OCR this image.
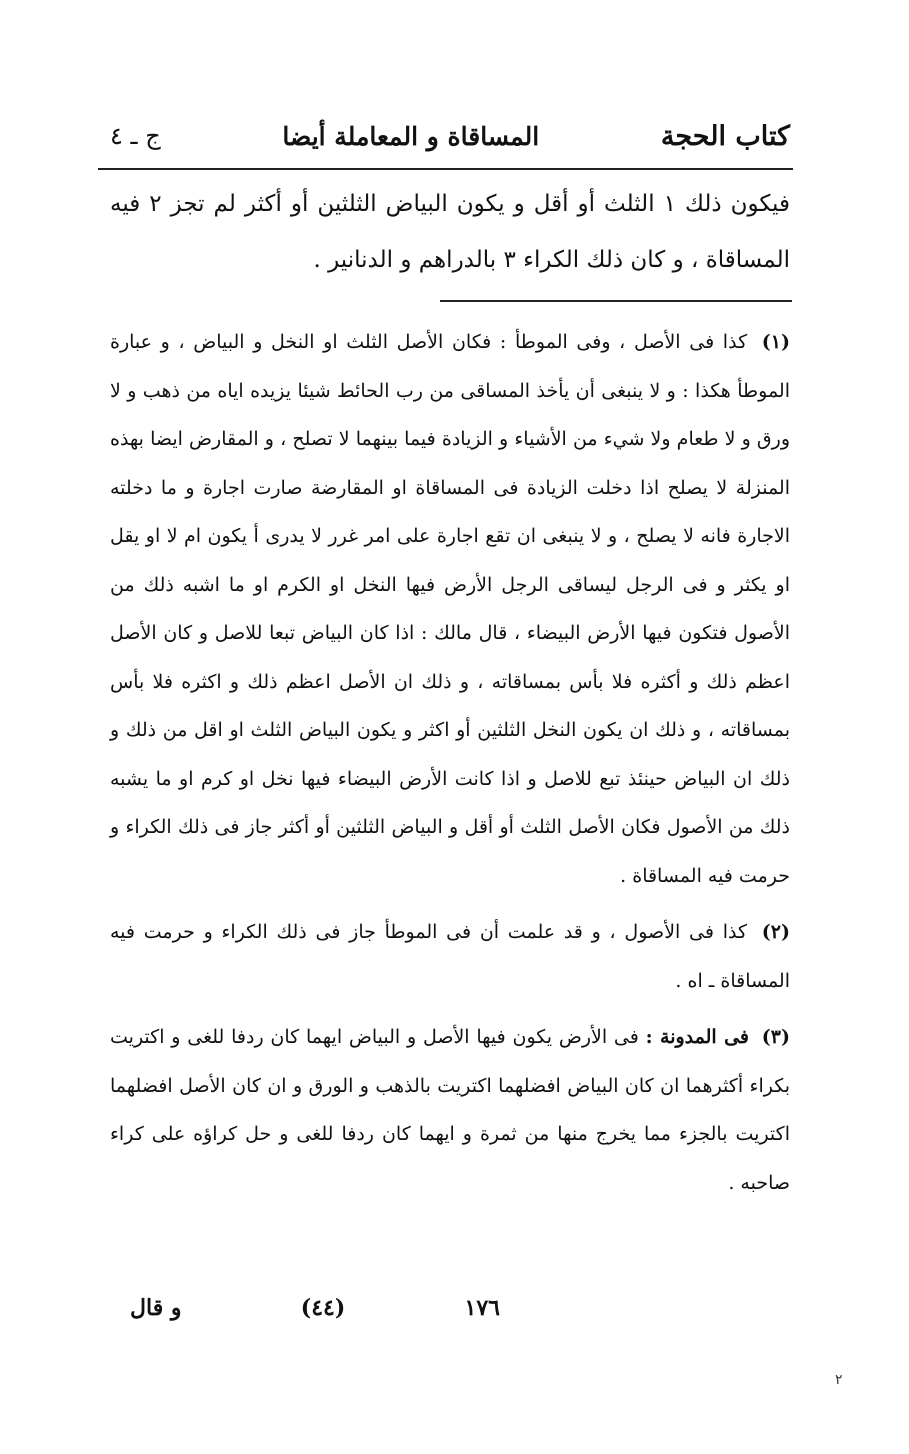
كتاب الحجة
المساقاة و المعاملة أيضا
ج ـ ٤

فيكون ذلك ١ الثلث أو أقل و يكون البياض الثلثين أو أكثر لم تجز ٢ فيه المساقاة ، و كان ذلك الكراء ٣ بالدراهم و الدنانير .

(١) كذا فى الأصل ، وفى الموطأ : فكان الأصل الثلث او النخل و البياض ، و عبارة الموطأ هكذا : و لا ينبغى أن يأخذ المساقى من رب الحائط شيئا يزيده اياه من ذهب و لا ورق و لا طعام ولا شيء من الأشياء و الزيادة فيما بينهما لا تصلح ، و المقارض ايضا بهذه المنزلة لا يصلح اذا دخلت الزيادة فى المساقاة او المقارضة صارت اجارة و ما دخلته الاجارة فانه لا يصلح ، و لا ينبغى ان تقع اجارة على امر غرر لا يدرى أ يكون ام لا او يقل او يكثر و فى الرجل ليساقى الرجل الأرض فيها النخل او الكرم او ما اشبه ذلك من الأصول فتكون فيها الأرض البيضاء ، قال مالك : اذا كان البياض تبعا للاصل و كان الأصل اعظم ذلك و أكثره فلا بأس بمساقاته ، و ذلك ان الأصل اعظم ذلك و اكثره فلا بأس بمساقاته ، و ذلك ان يكون النخل الثلثين أو اكثر و يكون البياض الثلث او اقل من ذلك و ذلك ان البياض حينئذ تبع للاصل و اذا كانت الأرض البيضاء فيها نخل او كرم او ما يشبه ذلك من الأصول فكان الأصل الثلث أو أقل و البياض الثلثين أو أكثر جاز فى ذلك الكراء و حرمت فيه المساقاة .

(٢) كذا فى الأصول ، و قد علمت أن فى الموطأ جاز فى ذلك الكراء و حرمت فيه المساقاة ـ اه .

(٣) فى المدونة : فى الأرض يكون فيها الأصل و البياض ايهما كان ردفا للغى و اكتريت بكراء أكثرهما ان كان البياض افضلهما اكتريت بالذهب و الورق و ان كان الأصل افضلهما اكتريت بالجزء مما يخرج منها من ثمرة و ايهما كان ردفا للغى و حل كراؤه على كراء صاحبه .

١٧٦
(٤٤)
و قال
٢
